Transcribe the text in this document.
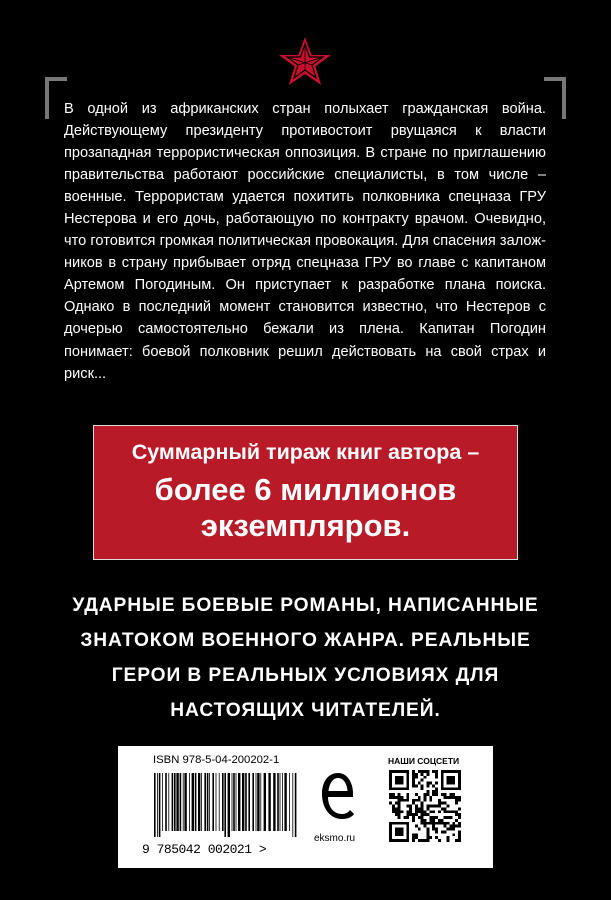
В одной из африканских стран полыхает гражданская война. Действующему президенту противостоит рвущаяся к власти прозападная террористическая оппозиция. В стране по приглашению правительства работают российские специалисты, в том числе – военные. Террористам удается похитить полковника спецназа ГРУ Нестерова и его дочь, работающую по контракту врачом. Очевидно, что готовится громкая политическая провокация. Для спасения заложников в страну прибывает отряд спецназа ГРУ во главе с капитаном Артемом Погодиным. Он приступает к разработке плана поиска. Однако в последний момент становится известно, что Нестеров с дочерью самостоятельно бежали из плена. Капитан Погодин понимает: боевой полковник решил действовать на свой страх и риск...

Суммарный тираж книг автора –
более 6 миллионов
экземпляров.

УДАРНЫЕ БОЕВЫЕ РОМАНЫ, НАПИСАННЫЕ
ЗНАТОКОМ ВОЕННОГО ЖАНРА. РЕАЛЬНЫЕ
ГЕРОИ В РЕАЛЬНЫХ УСЛОВИЯХ ДЛЯ
НАСТОЯЩИХ ЧИТАТЕЛЕЙ.

ISBN 978-5-04-200202-1
9 785042 002021 >
eksmo.ru
НАШИ СОЦСЕТИ
